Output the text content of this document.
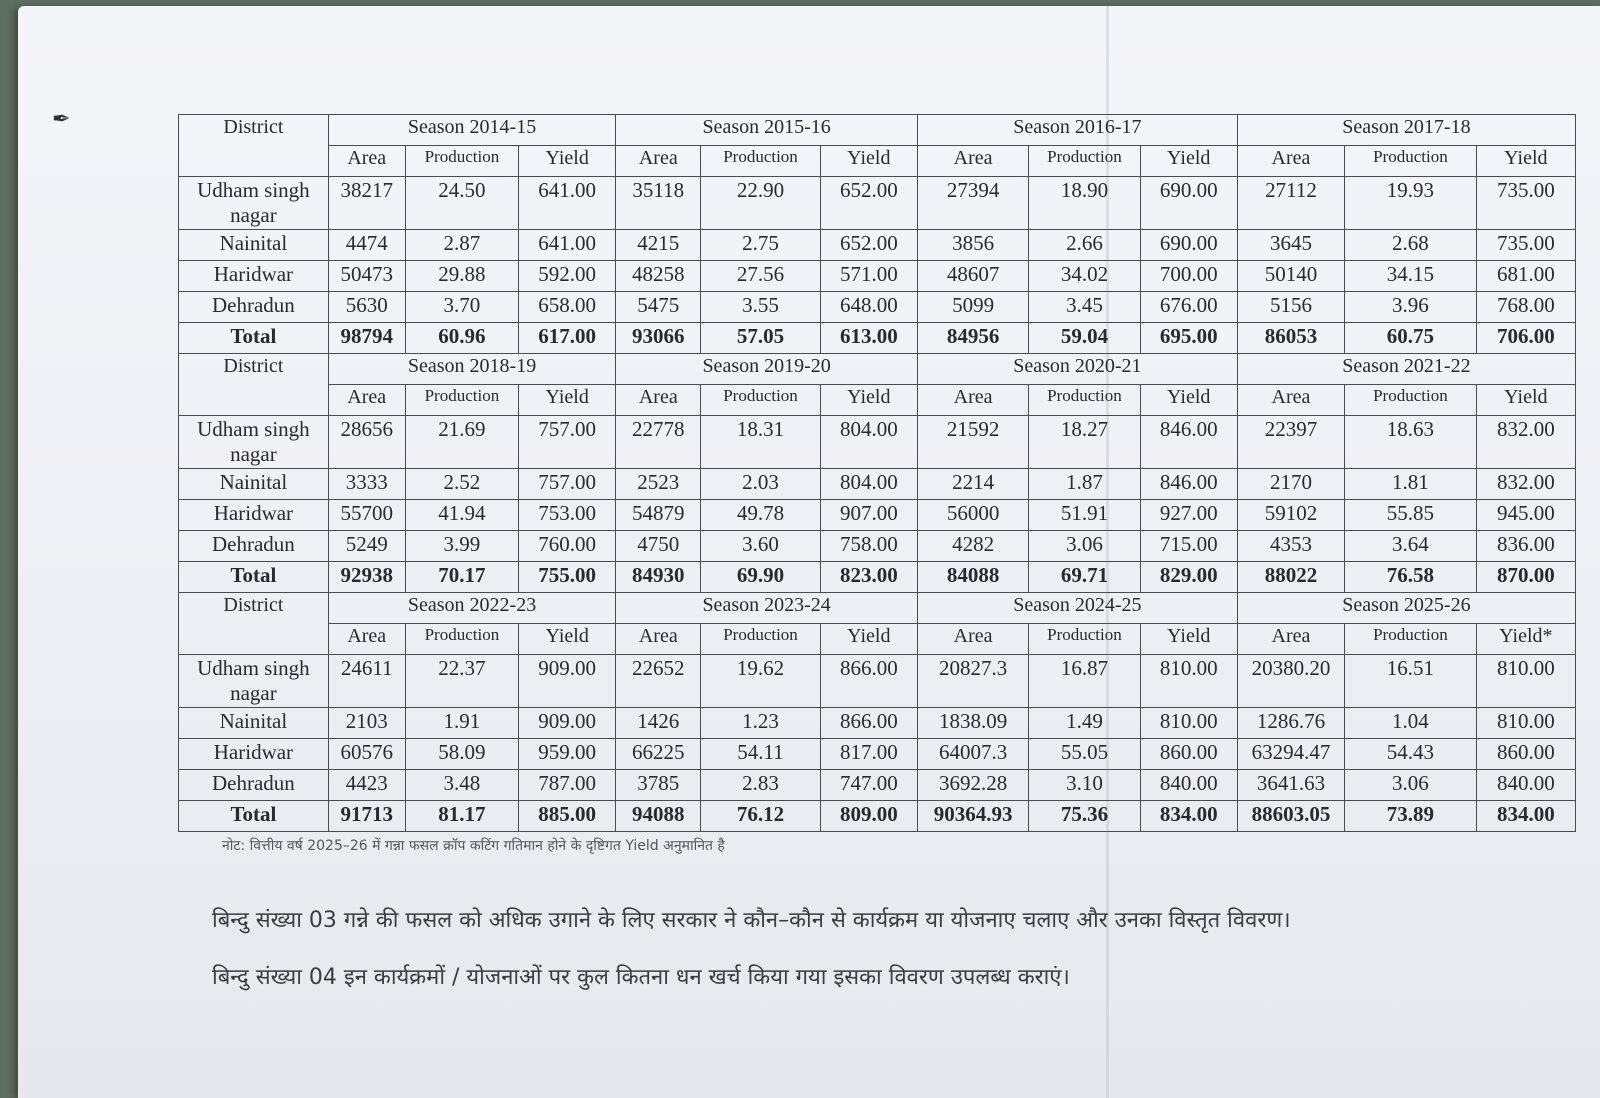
✒	District	Season 2014-15			Season 2015-16			Season 2016-17			Season 2017-18		
	Area	Production	Yield	Area	Production	Yield	Area	Production	Yield	Area	Production	Yield
Udham singh nagar	38217	24.50	641.00	35118	22.90	652.00	27394	18.90	690.00	27112	19.93	735.00
Nainital	4474	2.87	641.00	4215	2.75	652.00	3856	2.66	690.00	3645	2.68	735.00
Haridwar	50473	29.88	592.00	48258	27.56	571.00	48607	34.02	700.00	50140	34.15	681.00
Dehradun	5630	3.70	658.00	5475	3.55	648.00	5099	3.45	676.00	5156	3.96	768.00
Total	98794	60.96	617.00	93066	57.05	613.00	84956	59.04	695.00	86053	60.75	706.00
District	Season 2018-19			Season 2019-20			Season 2020-21			Season 2021-22		
	Area	Production	Yield	Area	Production	Yield	Area	Production	Yield	Area	Production	Yield
Udham singh nagar	28656	21.69	757.00	22778	18.31	804.00	21592	18.27	846.00	22397	18.63	832.00
Nainital	3333	2.52	757.00	2523	2.03	804.00	2214	1.87	846.00	2170	1.81	832.00
Haridwar	55700	41.94	753.00	54879	49.78	907.00	56000	51.91	927.00	59102	55.85	945.00
Dehradun	5249	3.99	760.00	4750	3.60	758.00	4282	3.06	715.00	4353	3.64	836.00
Total	92938	70.17	755.00	84930	69.90	823.00	84088	69.71	829.00	88022	76.58	870.00
District	Season 2022-23			Season 2023-24			Season 2024-25			Season 2025-26		
	Area	Production	Yield	Area	Production	Yield	Area	Production	Yield	Area	Production	Yield*
Udham singh nagar	24611	22.37	909.00	22652	19.62	866.00	20827.3	16.87	810.00	20380.20	16.51	810.00
Nainital	2103	1.91	909.00	1426	1.23	866.00	1838.09	1.49	810.00	1286.76	1.04	810.00
Haridwar	60576	58.09	959.00	66225	54.11	817.00	64007.3	55.05	860.00	63294.47	54.43	860.00
Dehradun	4423	3.48	787.00	3785	2.83	747.00	3692.28	3.10	840.00	3641.63	3.06	840.00
Total	91713	81.17	885.00	94088	76.12	809.00	90364.93	75.36	834.00	88603.05	73.89	834.00
नोट: वित्तीय वर्ष 2025–26 में गन्ना फसल क्रॉप कटिंग गतिमान होने के दृष्टिगत Yield अनुमानित है
बिन्दु संख्या 03 गन्ने की फसल को अधिक उगाने के लिए सरकार ने कौन–कौन से कार्यक्रम या योजनाए चलाए और उनका विस्तृत विवरण।
बिन्दु संख्या 04 इन कार्यक्रमों / योजनाओं पर कुल कितना धन खर्च किया गया इसका विवरण उपलब्ध कराएं।
